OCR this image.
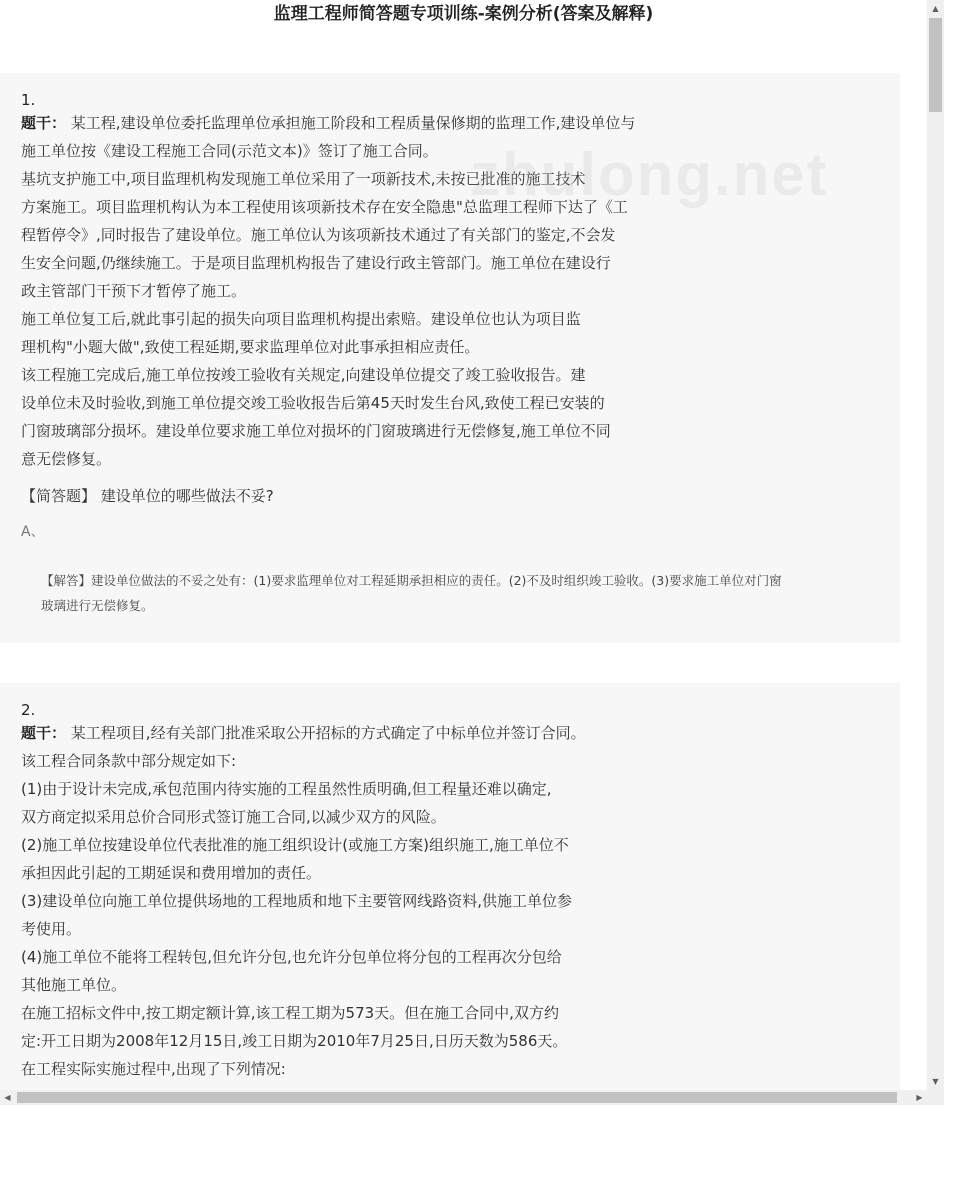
监理工程师简答题专项训练-案例分析(答案及解释)
1.

题干： 某工程,建设单位委托监理单位承担施工阶段和工程质量保修期的监理工作,建设单位与
施工单位按《建设工程施工合同(示范文本)》签订了施工合同。
基坑支护施工中,项目监理机构发现施工单位采用了一项新技术,未按已批准的施工技术
方案施工。项目监理机构认为本工程使用该项新技术存在安全隐患"总监理工程师下达了《工
程暂停令》,同时报告了建设单位。施工单位认为该项新技术通过了有关部门的鉴定,不会发
生安全问题,仍继续施工。于是项目监理机构报告了建设行政主管部门。施工单位在建设行
政主管部门干预下才暂停了施工。
施工单位复工后,就此事引起的损失向项目监理机构提出索赔。建设单位也认为项目监
理机构"小题大做",致使工程延期,要求监理单位对此事承担相应责任。
该工程施工完成后,施工单位按竣工验收有关规定,向建设单位提交了竣工验收报告。建
设单位未及时验收,到施工单位提交竣工验收报告后第45天时发生台风,致使工程已安装的
门窗玻璃部分损坏。建设单位要求施工单位对损坏的门窗玻璃进行无偿修复,施工单位不同
意无偿修复。

【简答题】 建设单位的哪些做法不妥?
A、

【解答】建设单位做法的不妥之处有：(1)要求监理单位对工程延期承担相应的责任。(2)不及时组织竣工验收。(3)要求施工单位对门窗
玻璃进行无偿修复。

2.

题干： 某工程项目,经有关部门批准采取公开招标的方式确定了中标单位并签订合同。
该工程合同条款中部分规定如下:
(1)由于设计未完成,承包范围内待实施的工程虽然性质明确,但工程量还难以确定,
双方商定拟采用总价合同形式签订施工合同,以减少双方的风险。
(2)施工单位按建设单位代表批准的施工组织设计(或施工方案)组织施工,施工单位不
承担因此引起的工期延误和费用增加的责任。
(3)建设单位向施工单位提供场地的工程地质和地下主要管网线路资料,供施工单位参
考使用。
(4)施工单位不能将工程转包,但允许分包,也允许分包单位将分包的工程再次分包给
其他施工单位。
在施工招标文件中,按工期定额计算,该工程工期为573天。但在施工合同中,双方约
定:开工日期为2008年12月15日,竣工日期为2010年7月25日,日历天数为586天。
在工程实际实施过程中,出现了下列情况:

▲
▼
◀	▶
